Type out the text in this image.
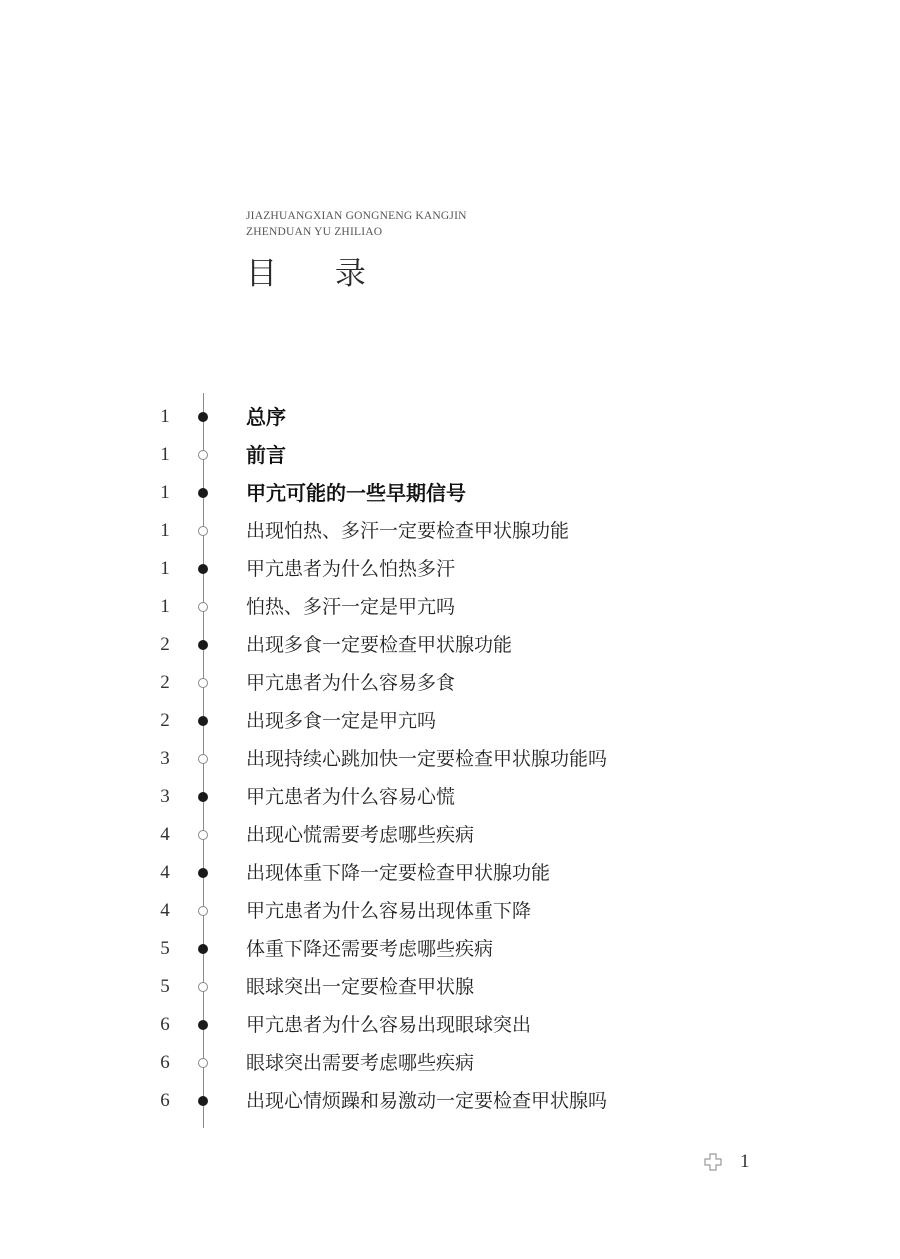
JIAZHUANGXIAN GONGNENG KANGJIN
ZHENDUAN YU ZHILIAO
目 录
1	总序
1	前言
1	甲亢可能的一些早期信号
1	出现怕热、多汗一定要检查甲状腺功能
1	甲亢患者为什么怕热多汗
1	怕热、多汗一定是甲亢吗
2	出现多食一定要检查甲状腺功能
2	甲亢患者为什么容易多食
2	出现多食一定是甲亢吗
3	出现持续心跳加快一定要检查甲状腺功能吗
3	甲亢患者为什么容易心慌
4	出现心慌需要考虑哪些疾病
4	出现体重下降一定要检查甲状腺功能
4	甲亢患者为什么容易出现体重下降
5	体重下降还需要考虑哪些疾病
5	眼球突出一定要检查甲状腺
6	甲亢患者为什么容易出现眼球突出
6	眼球突出需要考虑哪些疾病
6	出现心情烦躁和易激动一定要检查甲状腺吗
1
